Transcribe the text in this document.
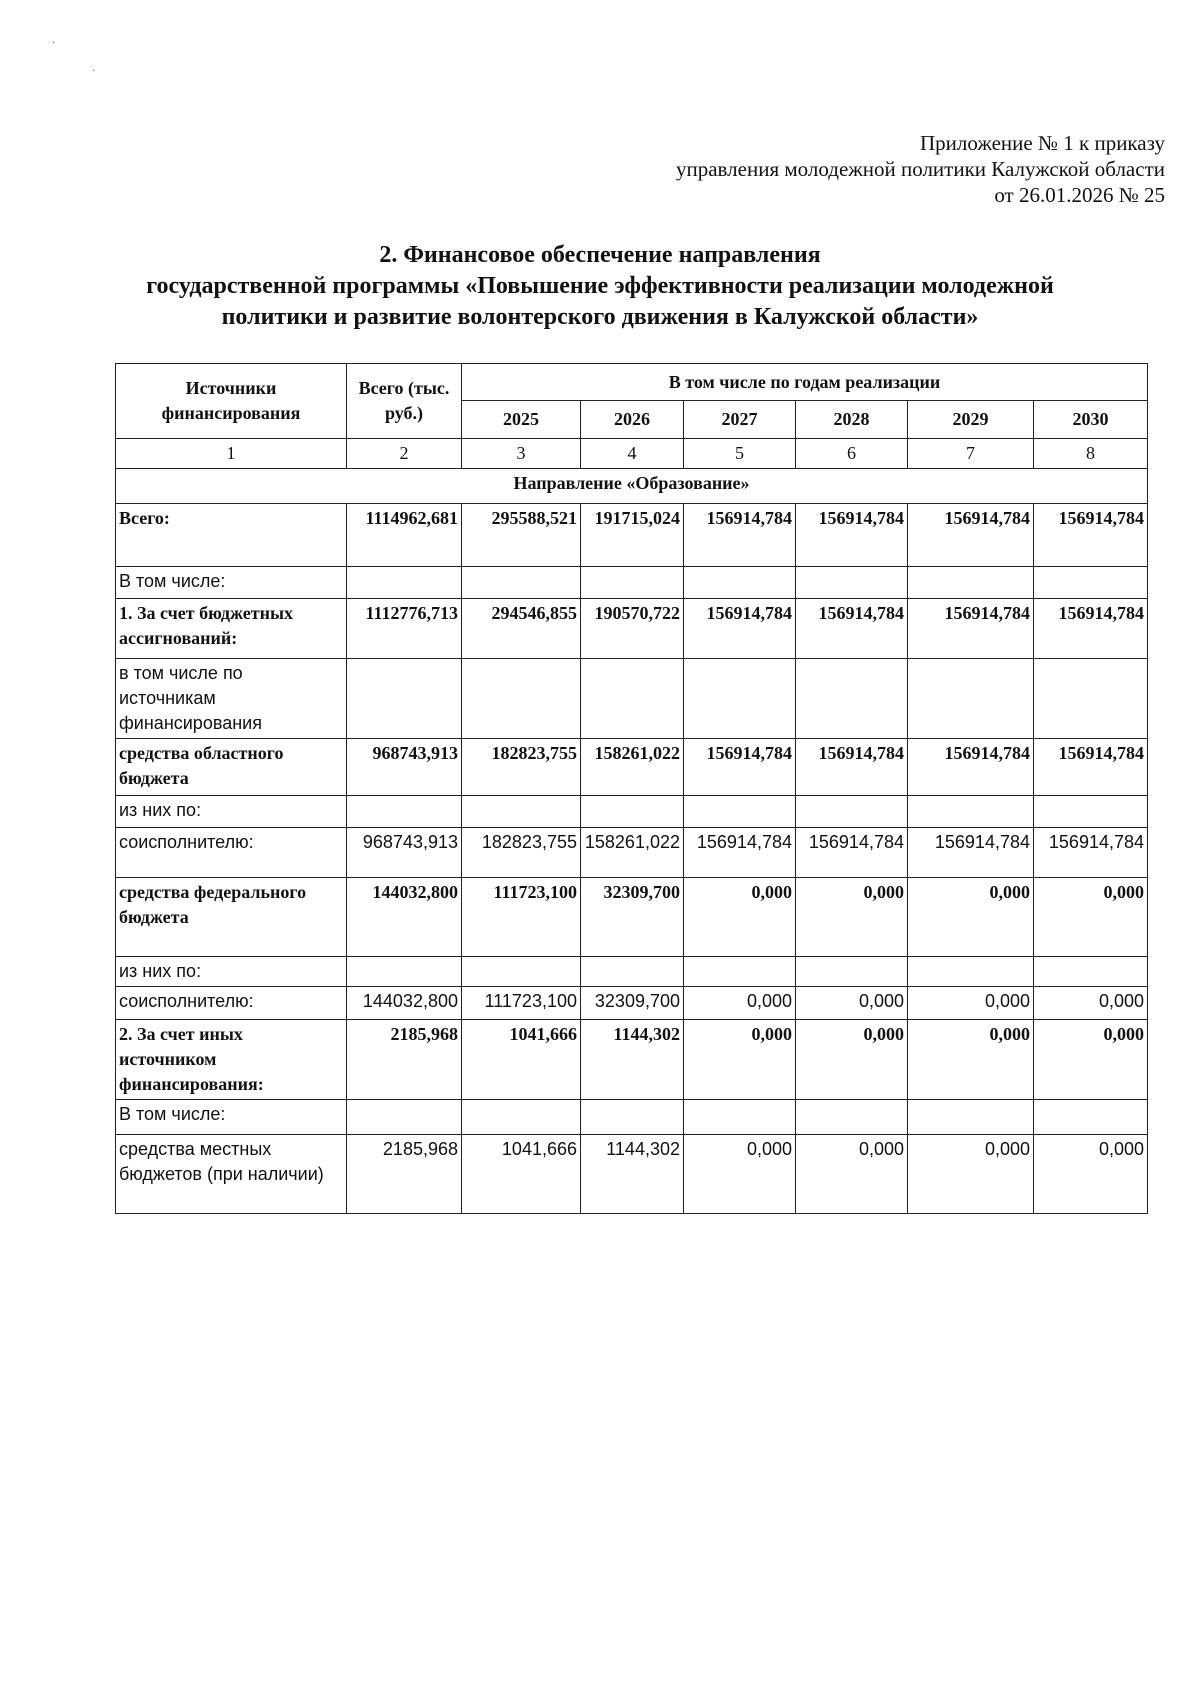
·
·
Приложение № 1 к приказу
управления молодежной политики Калужской области
от 26.01.2026 № 25
2. Финансовое обеспечение направления
государственной программы «Повышение эффективности реализации молодежной
политики и развитие волонтерского движения в Калужской области»
Источники финансирования	Всего (тыс. руб.)	В том числе по годам реализации					
		2025	2026	2027	2028	2029	2030
1	2	3	4	5	6	7	8
Направление «Образование»							
Всего:	1114962,681	295588,521	191715,024	156914,784	156914,784	156914,784	156914,784
В том числе:							
1. За счет бюджетных ассигнований:	1112776,713	294546,855	190570,722	156914,784	156914,784	156914,784	156914,784
в том числе по источникам финансирования							
средства областного бюджета	968743,913	182823,755	158261,022	156914,784	156914,784	156914,784	156914,784
из них по:							
соисполнителю:	968743,913	182823,755	158261,022	156914,784	156914,784	156914,784	156914,784
средства федерального бюджета	144032,800	111723,100	32309,700	0,000	0,000	0,000	0,000
из них по:							
соисполнителю:	144032,800	111723,100	32309,700	0,000	0,000	0,000	0,000
2. За счет иных источником финансирования:	2185,968	1041,666	1144,302	0,000	0,000	0,000	0,000
В том числе:							
средства местных бюджетов (при наличии)	2185,968	1041,666	1144,302	0,000	0,000	0,000	0,000
